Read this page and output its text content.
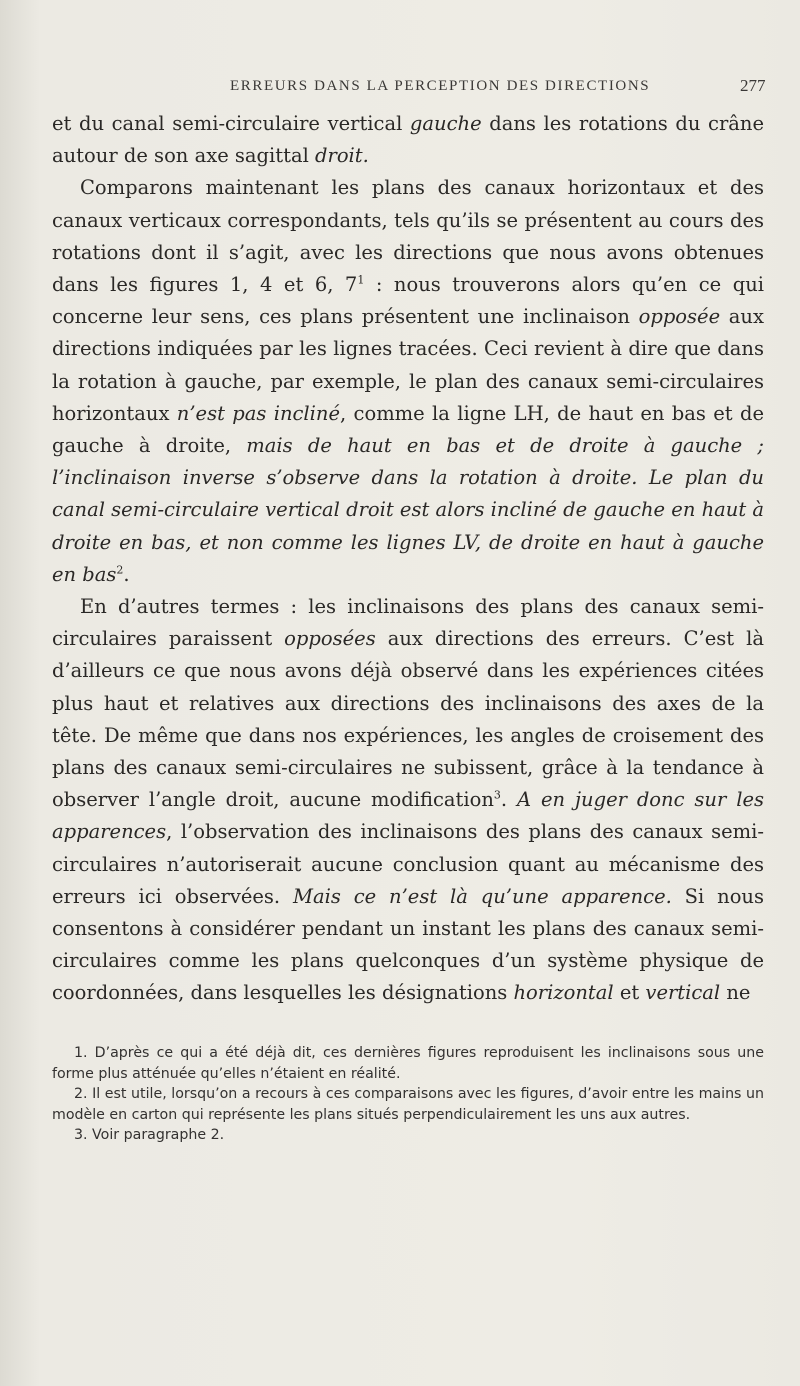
ERREURS DANS LA PERCEPTION DES DIRECTIONS	277

et du canal semi-circulaire vertical gauche dans les rotations du crâne autour de son axe sagittal droit.

Comparons maintenant les plans des canaux horizontaux et des canaux verticaux correspondants, tels qu’ils se présentent au cours des rotations dont il s’agit, avec les directions que nous avons obtenues dans les figures 1, 4 et 6, $7^1$ : nous trouverons alors qu’en ce qui concerne leur sens, ces plans présentent une inclinaison opposée aux directions indiquées par les lignes tracées. Ceci revient à dire que dans la rotation à gauche, par exemple, le plan des canaux semi-circulaires horizontaux n’est pas incliné, comme la ligne LH, de haut en bas et de gauche à droite, mais de haut en bas et de droite à gauche ; l’inclinaison inverse s’observe dans la rotation à droite. Le plan du canal semi-circulaire vertical droit est alors incliné de gauche en haut à droite en bas, et non comme les lignes LV, de droite en haut à gauche en bas$^2$.

En d’autres termes : les inclinaisons des plans des canaux semi-circulaires paraissent opposées aux directions des erreurs. C’est là d’ailleurs ce que nous avons déjà observé dans les expériences citées plus haut et relatives aux directions des inclinaisons des axes de la tête. De même que dans nos expériences, les angles de croisement des plans des canaux semi-circulaires ne subissent, grâce à la tendance à observer l’angle droit, aucune modification$^3$. A en juger donc sur les apparences, l’observation des inclinaisons des plans des canaux semi-circulaires n’autoriserait aucune conclusion quant au mécanisme des erreurs ici observées. Mais ce n’est là qu’une apparence. Si nous consentons à considérer pendant un instant les plans des canaux semi-circulaires comme les plans quelconques d’un système physique de coordonnées, dans lesquelles les désignations horizontal et vertical ne

1. D’après ce qui a été déjà dit, ces dernières figures reproduisent les inclinaisons sous une forme plus atténuée qu’elles n’étaient en réalité.

2. Il est utile, lorsqu’on a recours à ces comparaisons avec les figures, d’avoir entre les mains un modèle en carton qui représente les plans situés perpendiculairement les uns aux autres.

3. Voir paragraphe 2.
